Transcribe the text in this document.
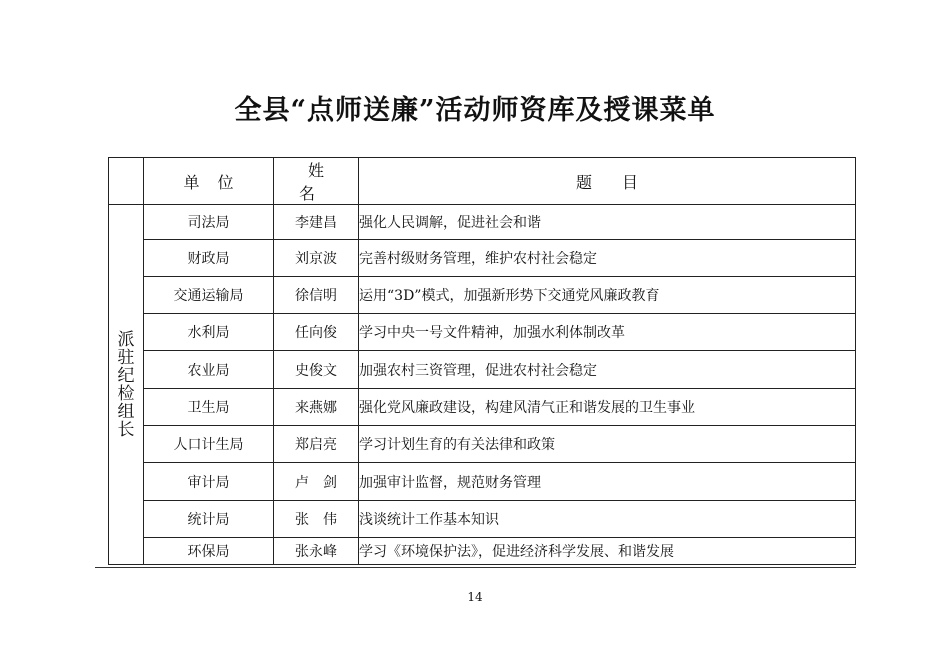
全县“点师送廉”活动师资库及授课菜单
	单位	姓名	题目
派驻纪检组长	司法局	李建昌	强化人民调解，促进社会和谐
	财政局	刘京波	完善村级财务管理，维护农村社会稳定
	交通运输局	徐信明	运用“3D”模式，加强新形势下交通党风廉政教育
	水利局	任向俊	学习中央一号文件精神，加强水利体制改革
	农业局	史俊文	加强农村三资管理，促进农村社会稳定
	卫生局	来燕娜	强化党风廉政建设，构建风清气正和谐发展的卫生事业
	人口计生局	郑启亮	学习计划生育的有关法律和政策
	审计局	卢　剑	加强审计监督，规范财务管理
	统计局	张　伟	浅谈统计工作基本知识
	环保局	张永峰	学习《环境保护法》，促进经济科学发展、和谐发展
14
